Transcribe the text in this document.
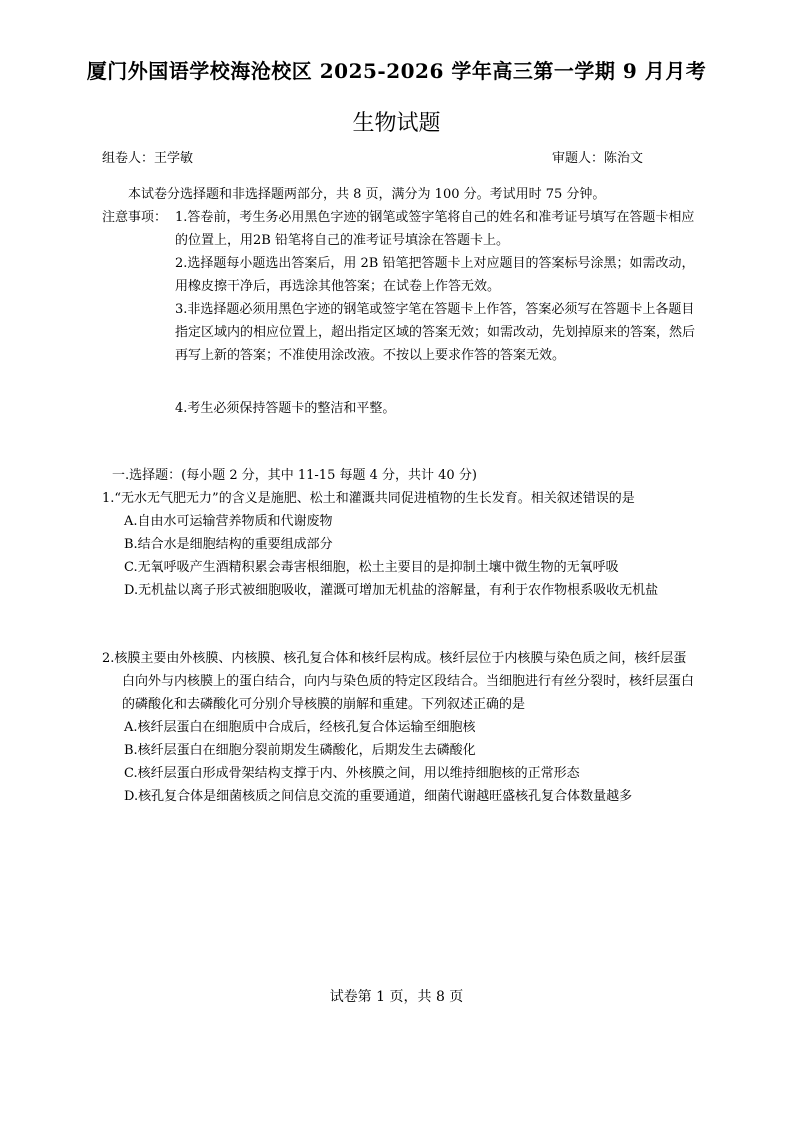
厦门外国语学校海沧校区 2025-2026 学年高三第一学期 9 月月考
生物试题
组卷人：王学敏	审题人：陈治文
本试卷分选择题和非选择题两部分，共 8 页，满分为 100 分。考试用时 75 分钟。
注意事项： 1.答卷前，考生务必用黑色字迹的钢笔或签字笔将自己的姓名和准考证号填写在答题卡相应的位置上，用2B 铅笔将自己的准考证号填涂在答题卡上。
2.选择题每小题选出答案后，用 2B 铅笔把答题卡上对应题目的答案标号涂黑；如需改动，用橡皮擦干净后，再选涂其他答案；在试卷上作答无效。
3.非选择题必须用黑色字迹的钢笔或签字笔在答题卡上作答，答案必须写在答题卡上各题目指定区域内的相应位置上，超出指定区域的答案无效；如需改动，先划掉原来的答案，然后再写上新的答案；不准使用涂改液。不按以上要求作答的答案无效。
4.考生必须保持答题卡的整洁和平整。
一.选择题：(每小题 2 分，其中 11-15 每题 4 分，共计 40 分)
1.“无水无气肥无力”的含义是施肥、松土和灌溉共同促进植物的生长发育。相关叙述错误的是
A.自由水可运输营养物质和代谢废物
B.结合水是细胞结构的重要组成部分
C.无氧呼吸产生酒精积累会毒害根细胞，松土主要目的是抑制土壤中微生物的无氧呼吸
D.无机盐以离子形式被细胞吸收，灌溉可增加无机盐的溶解量，有利于农作物根系吸收无机盐
2.核膜主要由外核膜、内核膜、核孔复合体和核纤层构成。核纤层位于内核膜与染色质之间，核纤层蛋白向外与内核膜上的蛋白结合，向内与染色质的特定区段结合。当细胞进行有丝分裂时，核纤层蛋白的磷酸化和去磷酸化可分别介导核膜的崩解和重建。下列叙述正确的是
A.核纤层蛋白在细胞质中合成后，经核孔复合体运输至细胞核
B.核纤层蛋白在细胞分裂前期发生磷酸化，后期发生去磷酸化
C.核纤层蛋白形成骨架结构支撑于内、外核膜之间，用以维持细胞核的正常形态
D.核孔复合体是细菌核质之间信息交流的重要通道，细菌代谢越旺盛核孔复合体数量越多
试卷第 1 页，共 8 页
